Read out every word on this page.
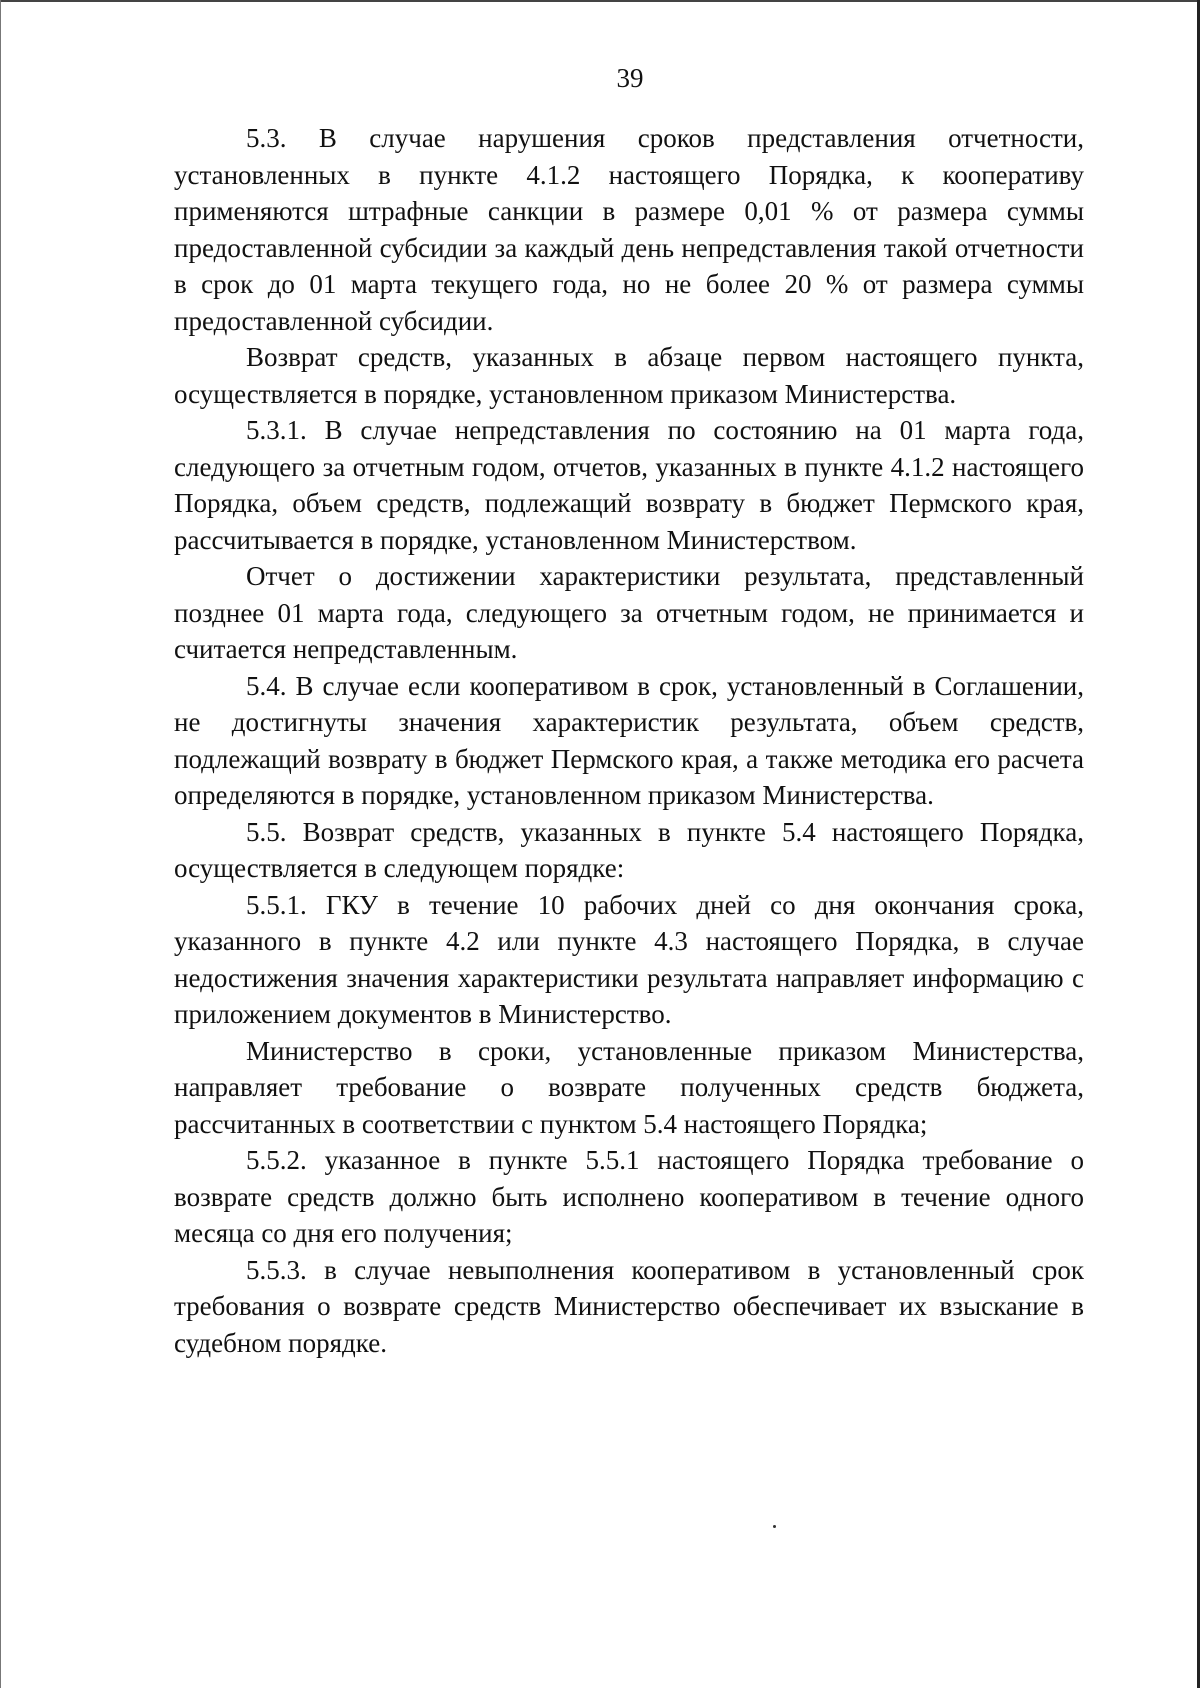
39

5.3. В случае нарушения сроков представления отчетности, установленных в пункте 4.1.2 настоящего Порядка, к кооперативу применяются штрафные санкции в размере 0,01 % от размера суммы предоставленной субсидии за каждый день непредставления такой отчетности в срок до 01 марта текущего года, но не более 20 % от размера суммы предоставленной субсидии.

Возврат средств, указанных в абзаце первом настоящего пункта, осуществляется в порядке, установленном приказом Министерства.

5.3.1. В случае непредставления по состоянию на 01 марта года, следующего за отчетным годом, отчетов, указанных в пункте 4.1.2 настоящего Порядка, объем средств, подлежащий возврату в бюджет Пермского края, рассчитывается в порядке, установленном Министерством.

Отчет о достижении характеристики результата, представленный позднее 01 марта года, следующего за отчетным годом, не принимается и считается непредставленным.

5.4. В случае если кооперативом в срок, установленный в Соглашении, не достигнуты значения характеристик результата, объем средств, подлежащий возврату в бюджет Пермского края, а также методика его расчета определяются в порядке, установленном приказом Министерства.

5.5. Возврат средств, указанных в пункте 5.4 настоящего Порядка, осуществляется в следующем порядке:

5.5.1. ГКУ в течение 10 рабочих дней со дня окончания срока, указанного в пункте 4.2 или пункте 4.3 настоящего Порядка, в случае недостижения значения характеристики результата направляет информацию с приложением документов в Министерство.

Министерство в сроки, установленные приказом Министерства, направляет требование о возврате полученных средств бюджета, рассчитанных в соответствии с пунктом 5.4 настоящего Порядка;

5.5.2. указанное в пункте 5.5.1 настоящего Порядка требование о возврате средств должно быть исполнено кооперативом в течение одного месяца со дня его получения;

5.5.3. в случае невыполнения кооперативом в установленный срок требования о возврате средств Министерство обеспечивает их взыскание в судебном порядке.
